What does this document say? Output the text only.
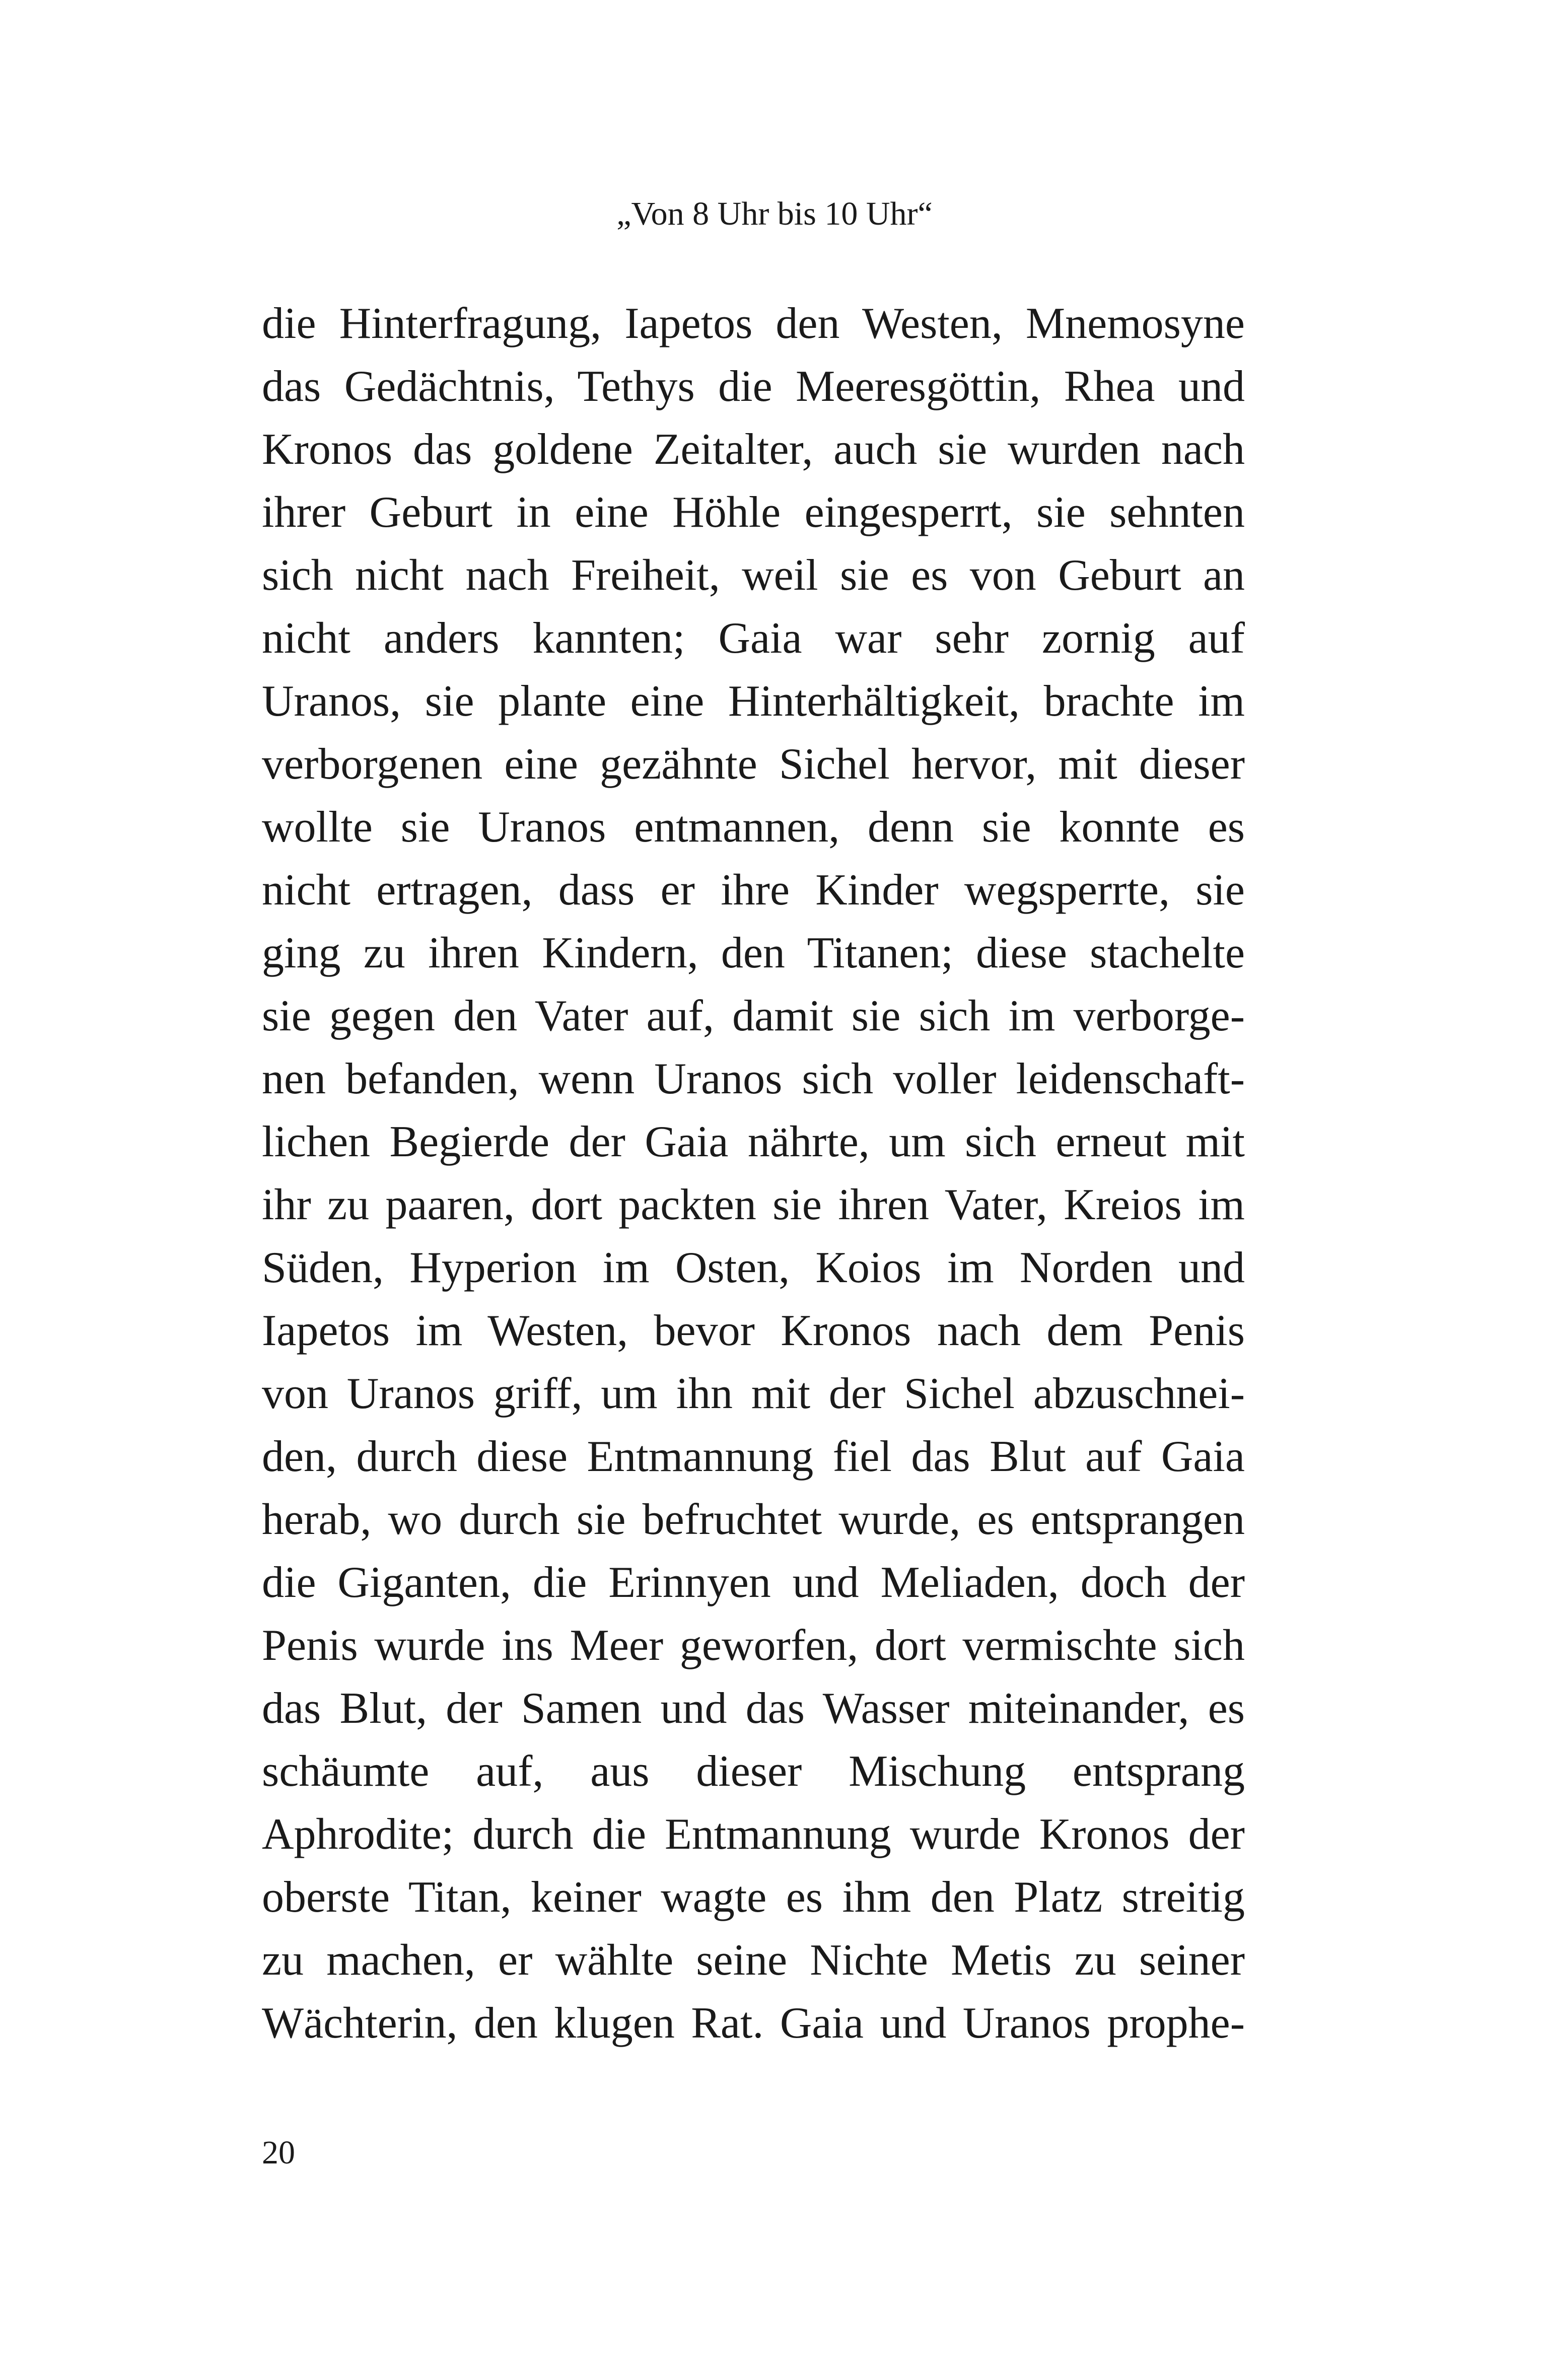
„Von 8 Uhr bis 10 Uhr“
die Hinterfragung, Iapetos den Westen, Mnemosyne
das Gedächtnis, Tethys die Meeresgöttin, Rhea und
Kronos das goldene Zeitalter, auch sie wurden nach
ihrer Geburt in eine Höhle eingesperrt, sie sehnten
sich nicht nach Freiheit, weil sie es von Geburt an
nicht anders kannten; Gaia war sehr zornig auf
Uranos, sie plante eine Hinterhältigkeit, brachte im
verborgenen eine gezähnte Sichel hervor, mit dieser
wollte sie Uranos entmannen, denn sie konnte es
nicht ertragen, dass er ihre Kinder wegsperrte, sie
ging zu ihren Kindern, den Titanen; diese stachelte
sie gegen den Vater auf, damit sie sich im verborge-
nen befanden, wenn Uranos sich voller leidenschaft-
lichen Begierde der Gaia nährte, um sich erneut mit
ihr zu paaren, dort packten sie ihren Vater, Kreios im
Süden, Hyperion im Osten, Koios im Norden und
Iapetos im Westen, bevor Kronos nach dem Penis
von Uranos griff, um ihn mit der Sichel abzuschnei-
den, durch diese Entmannung fiel das Blut auf Gaia
herab, wo durch sie befruchtet wurde, es entsprangen
die Giganten, die Erinnyen und Meliaden, doch der
Penis wurde ins Meer geworfen, dort vermischte sich
das Blut, der Samen und das Wasser miteinander, es
schäumte auf, aus dieser Mischung entsprang
Aphrodite; durch die Entmannung wurde Kronos der
oberste Titan, keiner wagte es ihm den Platz streitig
zu machen, er wählte seine Nichte Metis zu seiner
Wächterin, den klugen Rat. Gaia und Uranos prophe-
20
